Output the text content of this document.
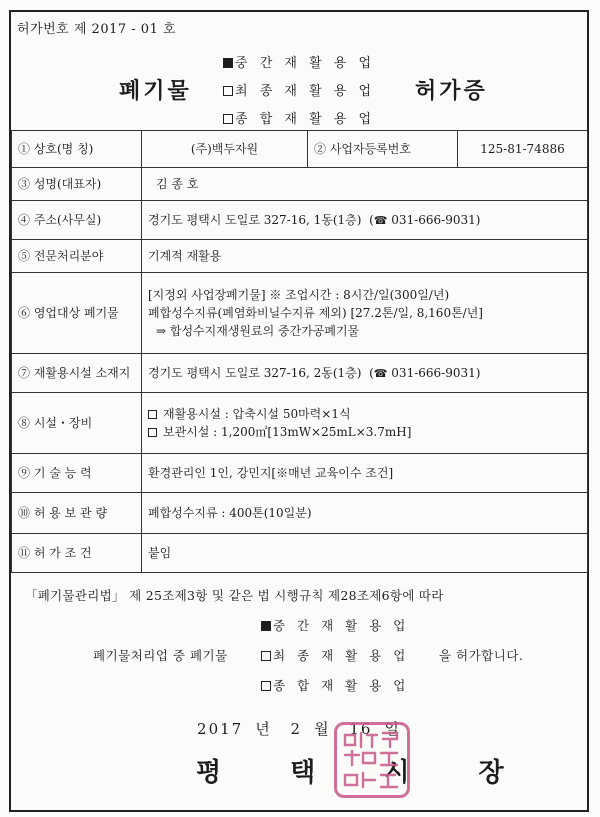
허가번호 제 2017 - 01 호
중 간 재 활 용 업
최 종 재 활 용 업
종 합 재 활 용 업
폐기물	허가증
① 상호(명 칭)	(주)백두자원	② 사업자등록번호	125-81-74886
③ 성명(대표자)	김 종 호		
④ 주소(사무실)	경기도 평택시 도일로 327-16, 1동(1층)  (☎ 031-666-9031)		
⑤ 전문처리분야	기계적 재활용		
⑥ 영업대상 폐기물	[지정외 사업장폐기물] ※ 조업시간 : 8시간/일(300일/년)
폐합성수지류(폐염화비닐수지류 제외) [27.2톤/일, 8,160톤/년]
⇒ 합성수지재생원료의 중간가공폐기물		

⑦ 재활용시설 소재지	경기도 평택시 도일로 327-16, 2동(1층)  (☎ 031-666-9031)		
⑧ 시설・장비	재활용시설 : 압축시설 50마력×1식
보관시설 : 1,200㎡[13mW×25mL×3.7mH]		

⑨ 기 술 능 력	환경관리인 1인, 강민지[※매년 교육이수 조건]		
⑩ 허 용 보 관 량	폐합성수지류 : 400톤(10일분)		
⑪ 허 가 조 건	붙임		
「폐기물관리법」 제 25조제3항 및 같은 법 시행규칙 제28조제6항에 따라
중 간 재 활 용 업
폐기물처리업 중 폐기물	최 종 재 활 용 업 을 허가합니다.
종 합 재 활 용 업
2017 년 2 월 16 일
평 택 시 장
